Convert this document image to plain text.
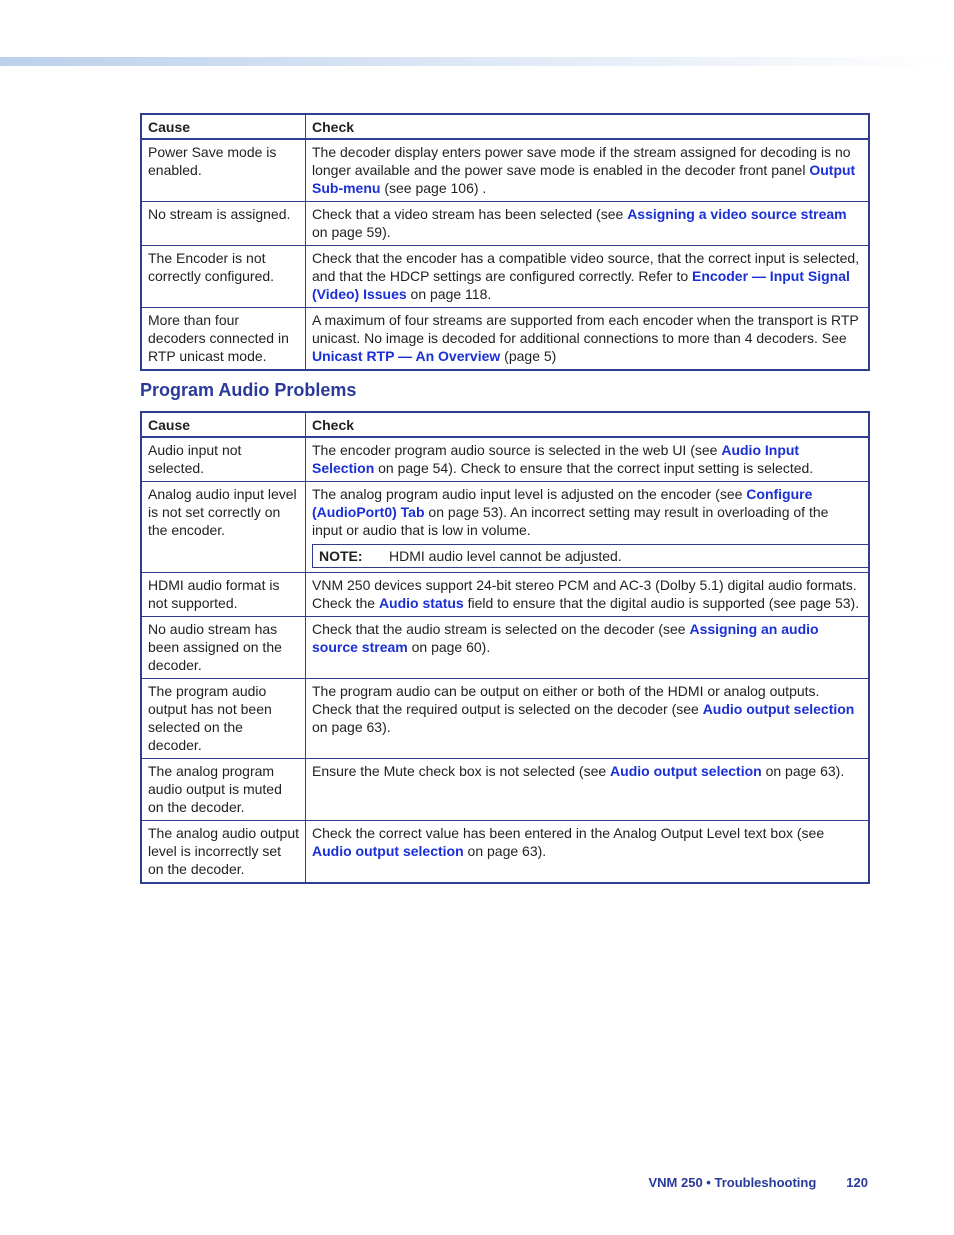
Cause	Check
Power Save mode is enabled.	The decoder display enters power save mode if the stream assigned for decoding is no longer available and the power save mode is enabled in the decoder front panel Output Sub-menu (see page 106) .

No stream is assigned.	Check that a video stream has been selected (see Assigning a video source stream on page 59).

The Encoder is not correctly configured.	Check that the encoder has a compatible video source, that the correct input is selected, and that the HDCP settings are configured correctly. Refer to Encoder — Input Signal (Video) Issues on page 118.

More than four decoders connected in RTP unicast mode.	A maximum of four streams are supported from each encoder when the transport is RTP unicast. No image is decoded for additional connections to more than 4 decoders. See Unicast RTP — An Overview (page 5)
Program Audio Problems
Cause	Check
Audio input not selected.	The encoder program audio source is selected in the web UI (see Audio Input Selection on page 54). Check to ensure that the correct input setting is selected.

Analog audio input level is not set correctly on the encoder.	The analog program audio input level is adjusted on the encoder (see Configure (AudioPort0) Tab on page 53). An incorrect setting may result in overloading of the input or audio that is low in volume.
NOTE: HDMI audio level cannot be adjusted.

HDMI audio format is not supported.	VNM 250 devices support 24-bit stereo PCM and AC-3 (Dolby 5.1) digital audio formats. Check the Audio status field to ensure that the digital audio is supported (see page 53).

No audio stream has been assigned on the decoder.	Check that the audio stream is selected on the decoder (see Assigning an audio source stream on page 60).

The program audio output has not been selected on the decoder.	The program audio can be output on either or both of the HDMI or analog outputs. Check that the required output is selected on the decoder (see Audio output selection on page 63).

The analog program audio output is muted on the decoder.	Ensure the Mute check box is not selected (see Audio output selection on page 63).

The analog audio output level is incorrectly set on the decoder.	Check the correct value has been entered in the Analog Output Level text box (see Audio output selection on page 63).
VNM 250 • Troubleshooting 120
